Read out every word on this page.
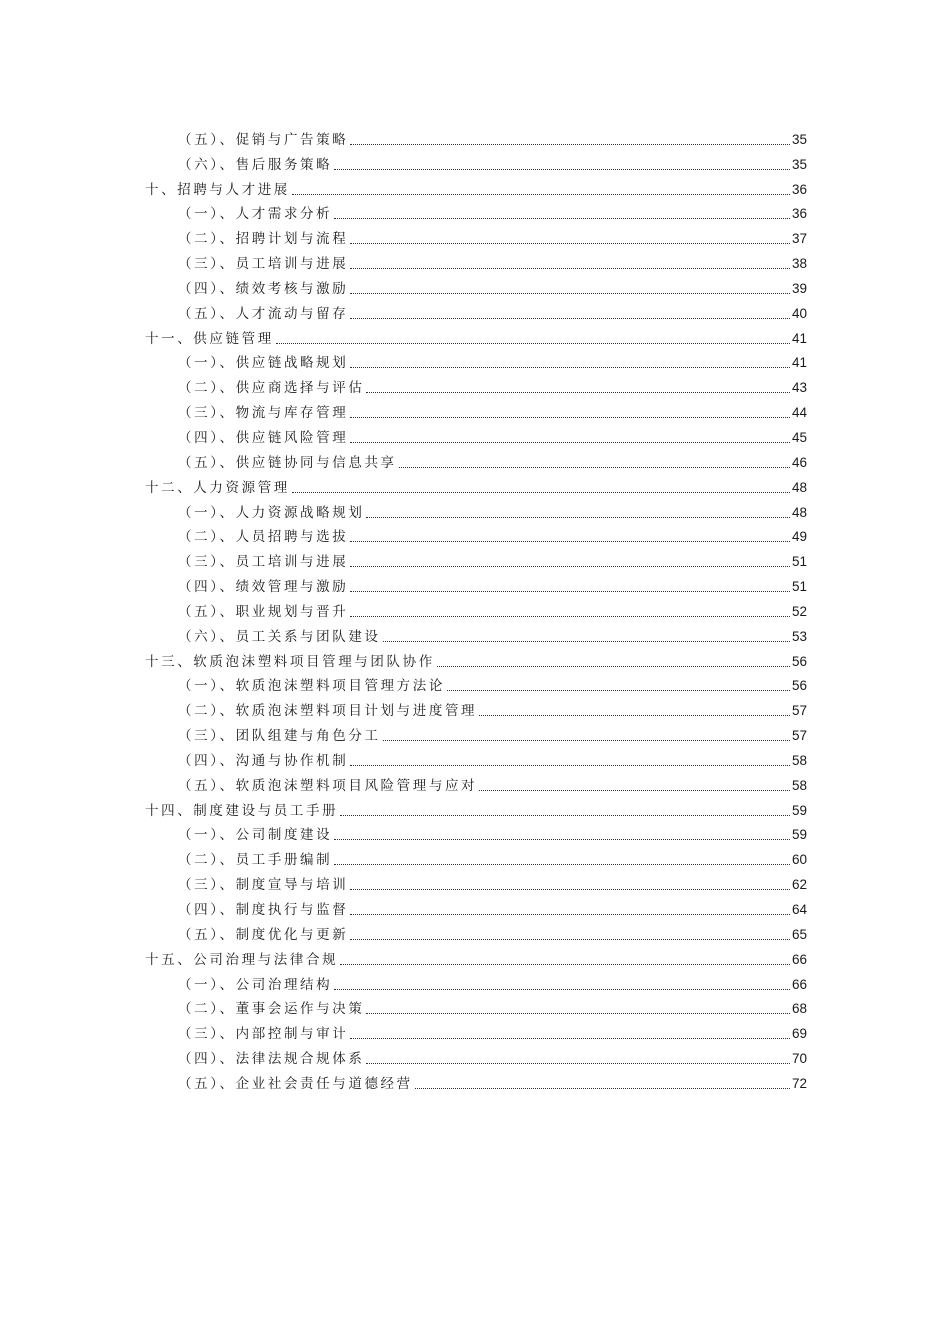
（五）、促销与广告策略	35
（六）、售后服务策略	35
十、招聘与人才进展	36
（一）、人才需求分析	36
（二）、招聘计划与流程	37
（三）、员工培训与进展	38
（四）、绩效考核与激励	39
（五）、人才流动与留存	40
十一、供应链管理	41
（一）、供应链战略规划	41
（二）、供应商选择与评估	43
（三）、物流与库存管理	44
（四）、供应链风险管理	45
（五）、供应链协同与信息共享	46
十二、人力资源管理	48
（一）、人力资源战略规划	48
（二）、人员招聘与选拔	49
（三）、员工培训与进展	51
（四）、绩效管理与激励	51
（五）、职业规划与晋升	52
（六）、员工关系与团队建设	53
十三、软质泡沫塑料项目管理与团队协作	56
（一）、软质泡沫塑料项目管理方法论	56
（二）、软质泡沫塑料项目计划与进度管理	57
（三）、团队组建与角色分工	57
（四）、沟通与协作机制	58
（五）、软质泡沫塑料项目风险管理与应对	58
十四、制度建设与员工手册	59
（一）、公司制度建设	59
（二）、员工手册编制	60
（三）、制度宣导与培训	62
（四）、制度执行与监督	64
（五）、制度优化与更新	65
十五、公司治理与法律合规	66
（一）、公司治理结构	66
（二）、董事会运作与决策	68
（三）、内部控制与审计	69
（四）、法律法规合规体系	70
（五）、企业社会责任与道德经营	72
